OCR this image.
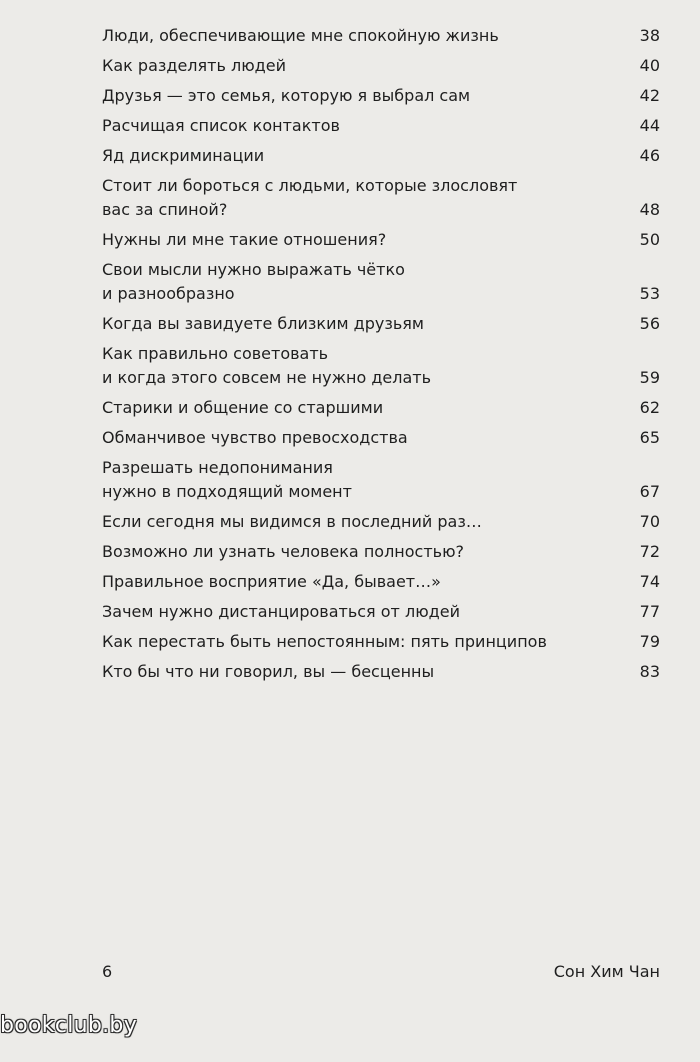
Люди, обеспечивающие мне спокойную жизнь	38
Как разделять людей	40
Друзья — это семья, которую я выбрал сам	42
Расчищая список контактов	44
Яд дискриминации	46
Стоит ли бороться с людьми, которые злословят
вас за спиной?	48
Нужны ли мне такие отношения?	50
Свои мысли нужно выражать чётко
и разнообразно	53
Когда вы завидуете близким друзьям	56
Как правильно советовать
и когда этого совсем не нужно делать	59
Старики и общение со старшими	62
Обманчивое чувство превосходства	65
Разрешать недопонимания
нужно в подходящий момент	67
Если сегодня мы видимся в последний раз…	70
Возможно ли узнать человека полностью?	72
Правильное восприятие «Да, бывает…»	74
Зачем нужно дистанцироваться от людей	77
Как перестать быть непостоянным: пять принципов	79
Кто бы что ни говорил, вы — бесценны	83
6	Сон Хим Чан
bookclub.by
